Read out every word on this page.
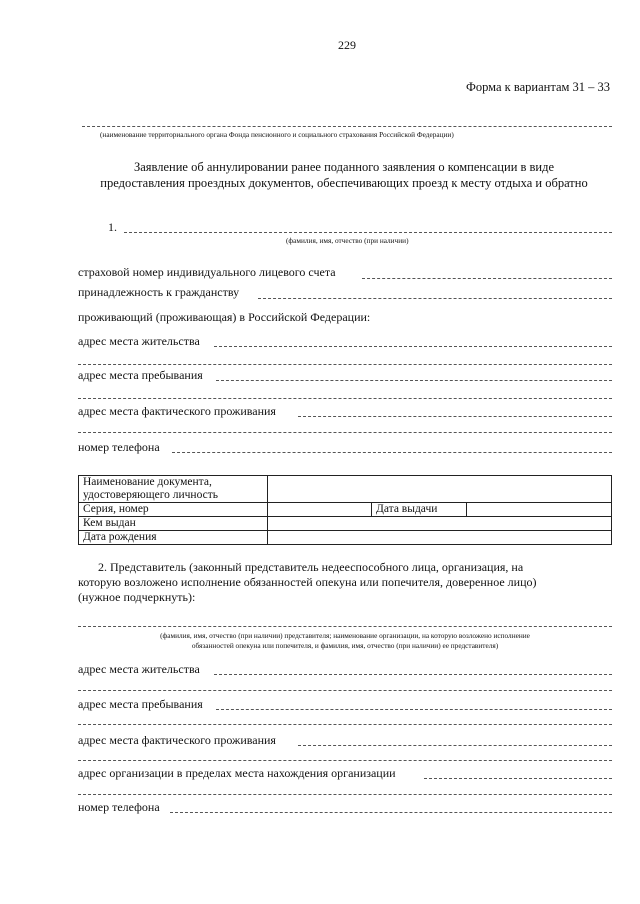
229
Форма к вариантам 31 – 33
(наименование территориального органа Фонда пенсионного и социального страхования Российской Федерации)
Заявление об аннулировании ранее поданного заявления о компенсации в виде
предоставления проездных документов, обеспечивающих проезд к месту отдыха и обратно
1.
(фамилия, имя, отчество (при наличии)
страховой номер индивидуального лицевого счета
принадлежность к гражданству
проживающий (проживающая) в Российской Федерации:
адрес места жительства
адрес места пребывания
адрес места фактического проживания
номер телефона
Наименование документа,			
удостоверяющего личность			
Серия, номер		Дата выдачи	
Кем выдан			
Дата рождения			
2. Представитель (законный представитель недееспособного лица, организация, на
которую возложено исполнение обязанностей опекуна или попечителя, доверенное лицо)
(нужное подчеркнуть):
(фамилия, имя, отчество (при наличии) представителя; наименование организации, на которую возложено исполнение
обязанностей опекуна или попечителя, и фамилия, имя, отчество (при наличии) ее представителя)
адрес места жительства
адрес места пребывания
адрес места фактического проживания
адрес организации в пределах места нахождения организации
номер телефона
